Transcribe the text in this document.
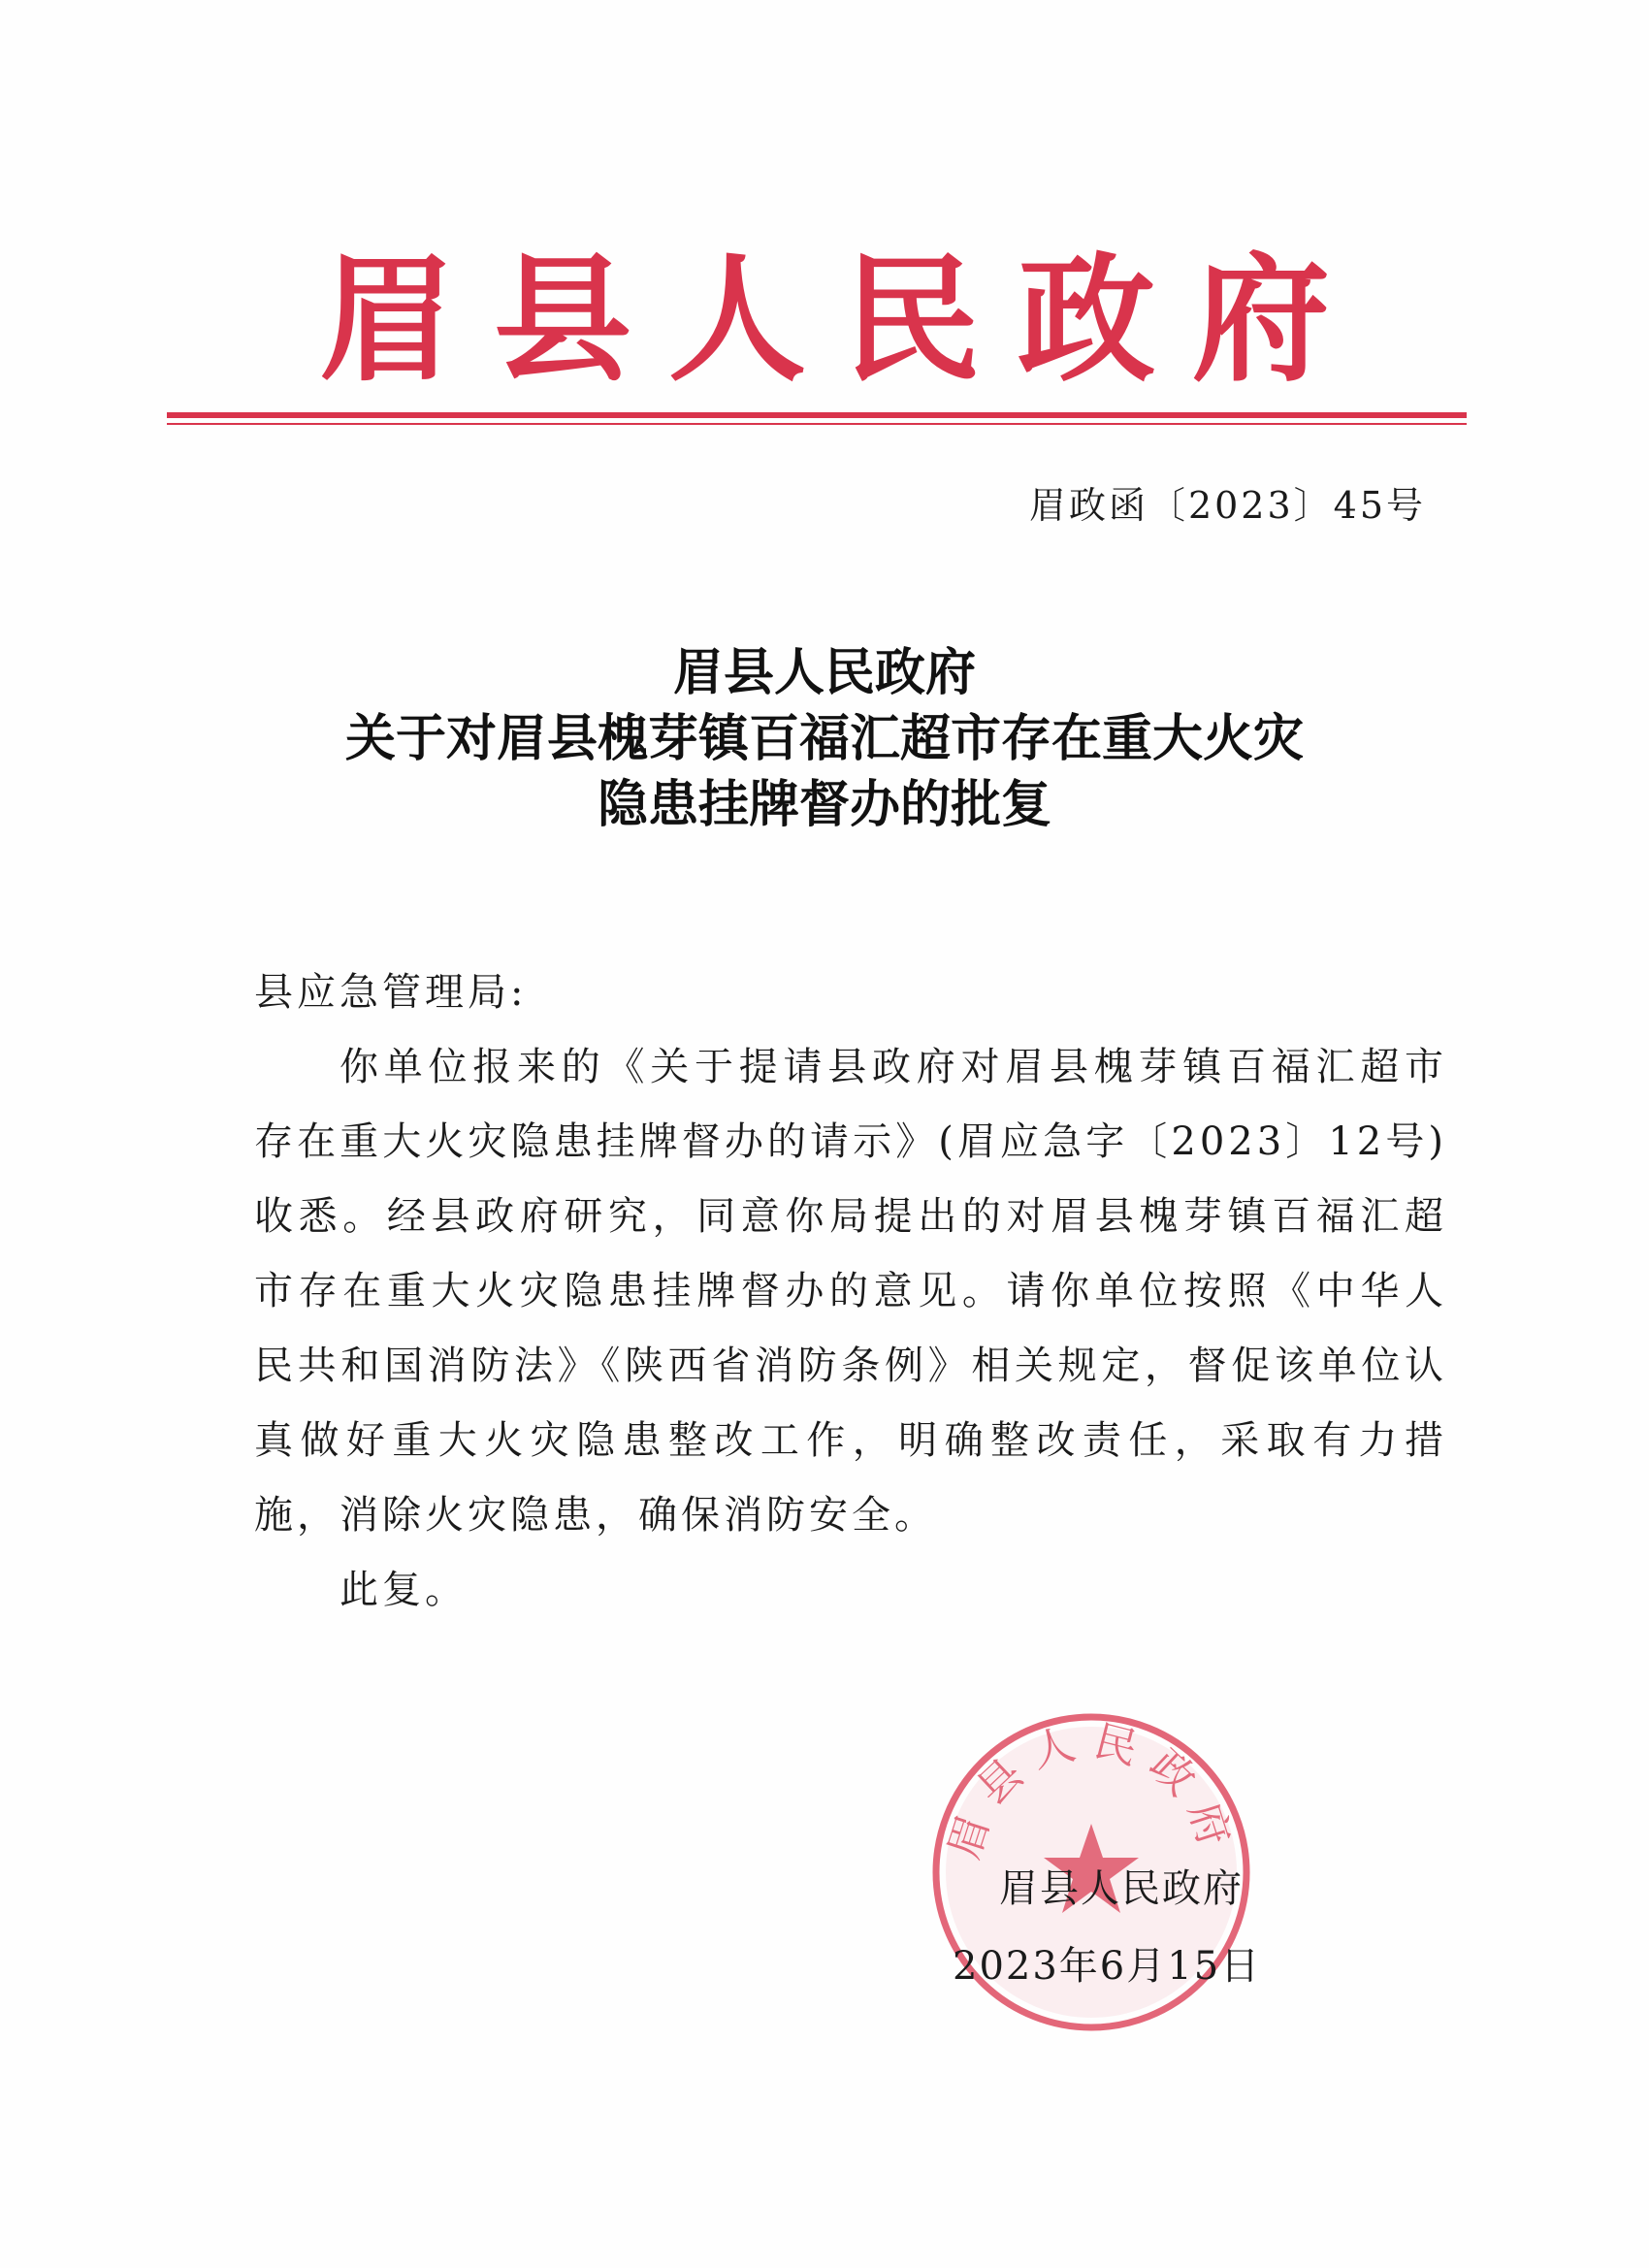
眉县人民政府
眉政函〔2023〕45号
眉县人民政府
关于对眉县槐芽镇百福汇超市存在重大火灾
隐患挂牌督办的批复

县应急管理局:

你单位报来的《关于提请县政府对眉县槐芽镇百福汇超市存在重大火灾隐患挂牌督办的请示》(眉应急字〔2023〕12号)收悉。经县政府研究，同意你局提出的对眉县槐芽镇百福汇超市存在重大火灾隐患挂牌督办的意见。请你单位按照《中华人民共和国消防法》《陕西省消防条例》相关规定，督促该单位认真做好重大火灾隐患整改工作，明确整改责任，采取有力措施，消除火灾隐患，确保消防安全。

此复。

眉县人民政府
眉县人民政府
2023年6月15日
